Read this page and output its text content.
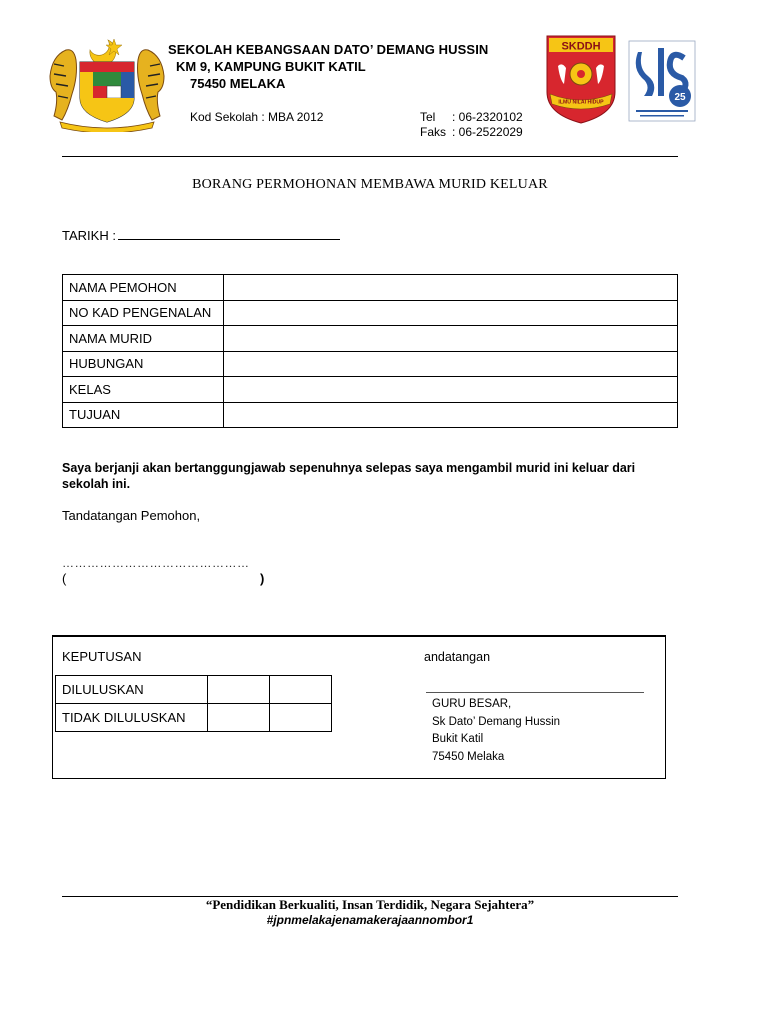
SEKOLAH KEBANGSAAN DATO’ DEMANG HUSSIN
KM 9, KAMPUNG BUKIT KATIL
75450 MELAKA
Kod Sekolah : MBA 2012	Tel : 06-2320102
Faks : 06-2522029
SKDDH
ILMU NILAI HIDUP	25
BORANG PERMOHONAN MEMBAWA MURID KELUAR
TARIKH :
NAMA PEMOHON	
NO KAD PENGENALAN	
NAMA MURID	
HUBUNGAN	
KELAS	
TUJUAN	
Saya berjanji akan bertanggungjawab sepenuhnya selepas saya mengambil murid ini keluar dari sekolah ini.
Tandatangan Pemohon,
………………………………………
(	)
KEPUTUSAN	andatangan
DILULUSKAN		
TIDAK DILULUSKAN		
GURU BESAR,
Sk Dato’ Demang Hussin
Bukit Katil
75450 Melaka
“Pendidikan Berkualiti, Insan Terdidik, Negara Sejahtera”
#jpnmelakajenamakerajaannombor1
